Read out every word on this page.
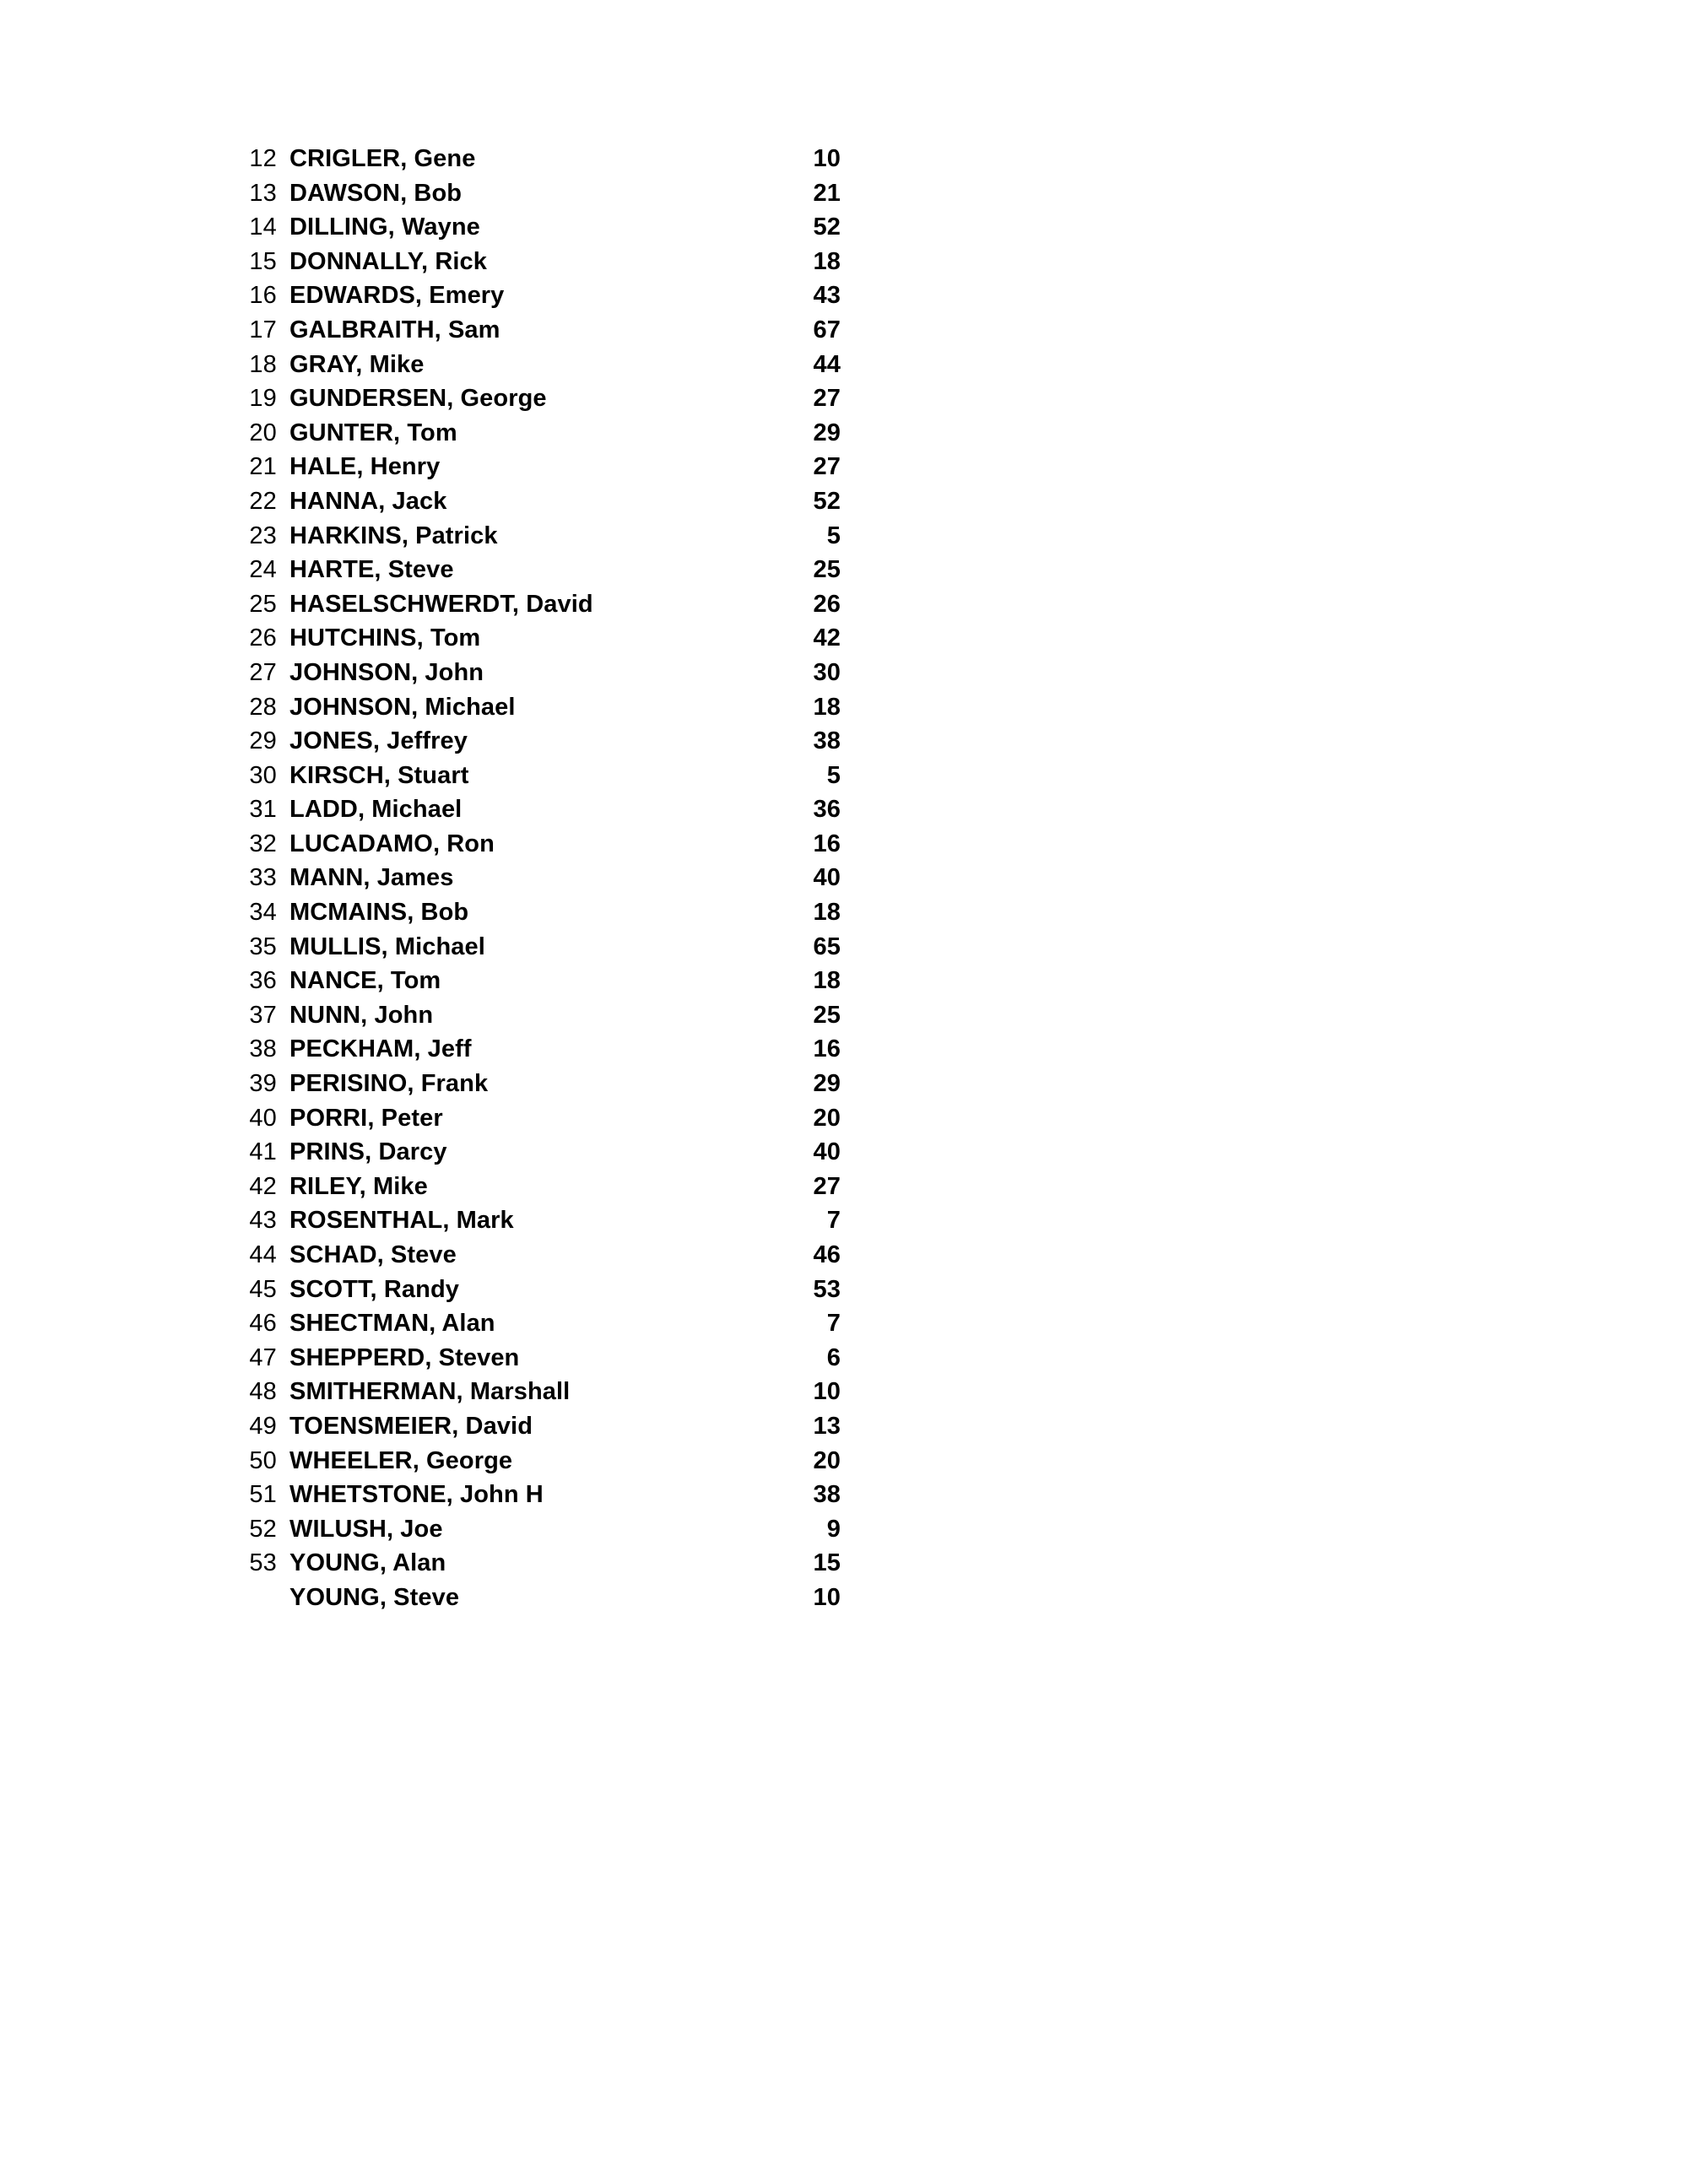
12 CRIGLER, Gene	10
13 DAWSON, Bob	21
14 DILLING, Wayne	52
15 DONNALLY, Rick	18
16 EDWARDS, Emery	43
17 GALBRAITH, Sam	67
18 GRAY, Mike	44
19 GUNDERSEN, George	27
20 GUNTER, Tom	29
21 HALE, Henry	27
22 HANNA, Jack	52
23 HARKINS, Patrick	5
24 HARTE, Steve	25
25 HASELSCHWERDT, David	26
26 HUTCHINS, Tom	42
27 JOHNSON, John	30
28 JOHNSON, Michael	18
29 JONES, Jeffrey	38
30 KIRSCH, Stuart	5
31 LADD, Michael	36
32 LUCADAMO, Ron	16
33 MANN, James	40
34 MCMAINS, Bob	18
35 MULLIS, Michael	65
36 NANCE, Tom	18
37 NUNN, John	25
38 PECKHAM, Jeff	16
39 PERISINO, Frank	29
40 PORRI, Peter	20
41 PRINS, Darcy	40
42 RILEY, Mike	27
43 ROSENTHAL, Mark	7
44 SCHAD, Steve	46
45 SCOTT, Randy	53
46 SHECTMAN, Alan	7
47 SHEPPERD, Steven	6
48 SMITHERMAN, Marshall	10
49 TOENSMEIER, David	13
50 WHEELER, George	20
51 WHETSTONE, John H	38
52 WILUSH, Joe	9
53 YOUNG, Alan	15
YOUNG, Steve	10
